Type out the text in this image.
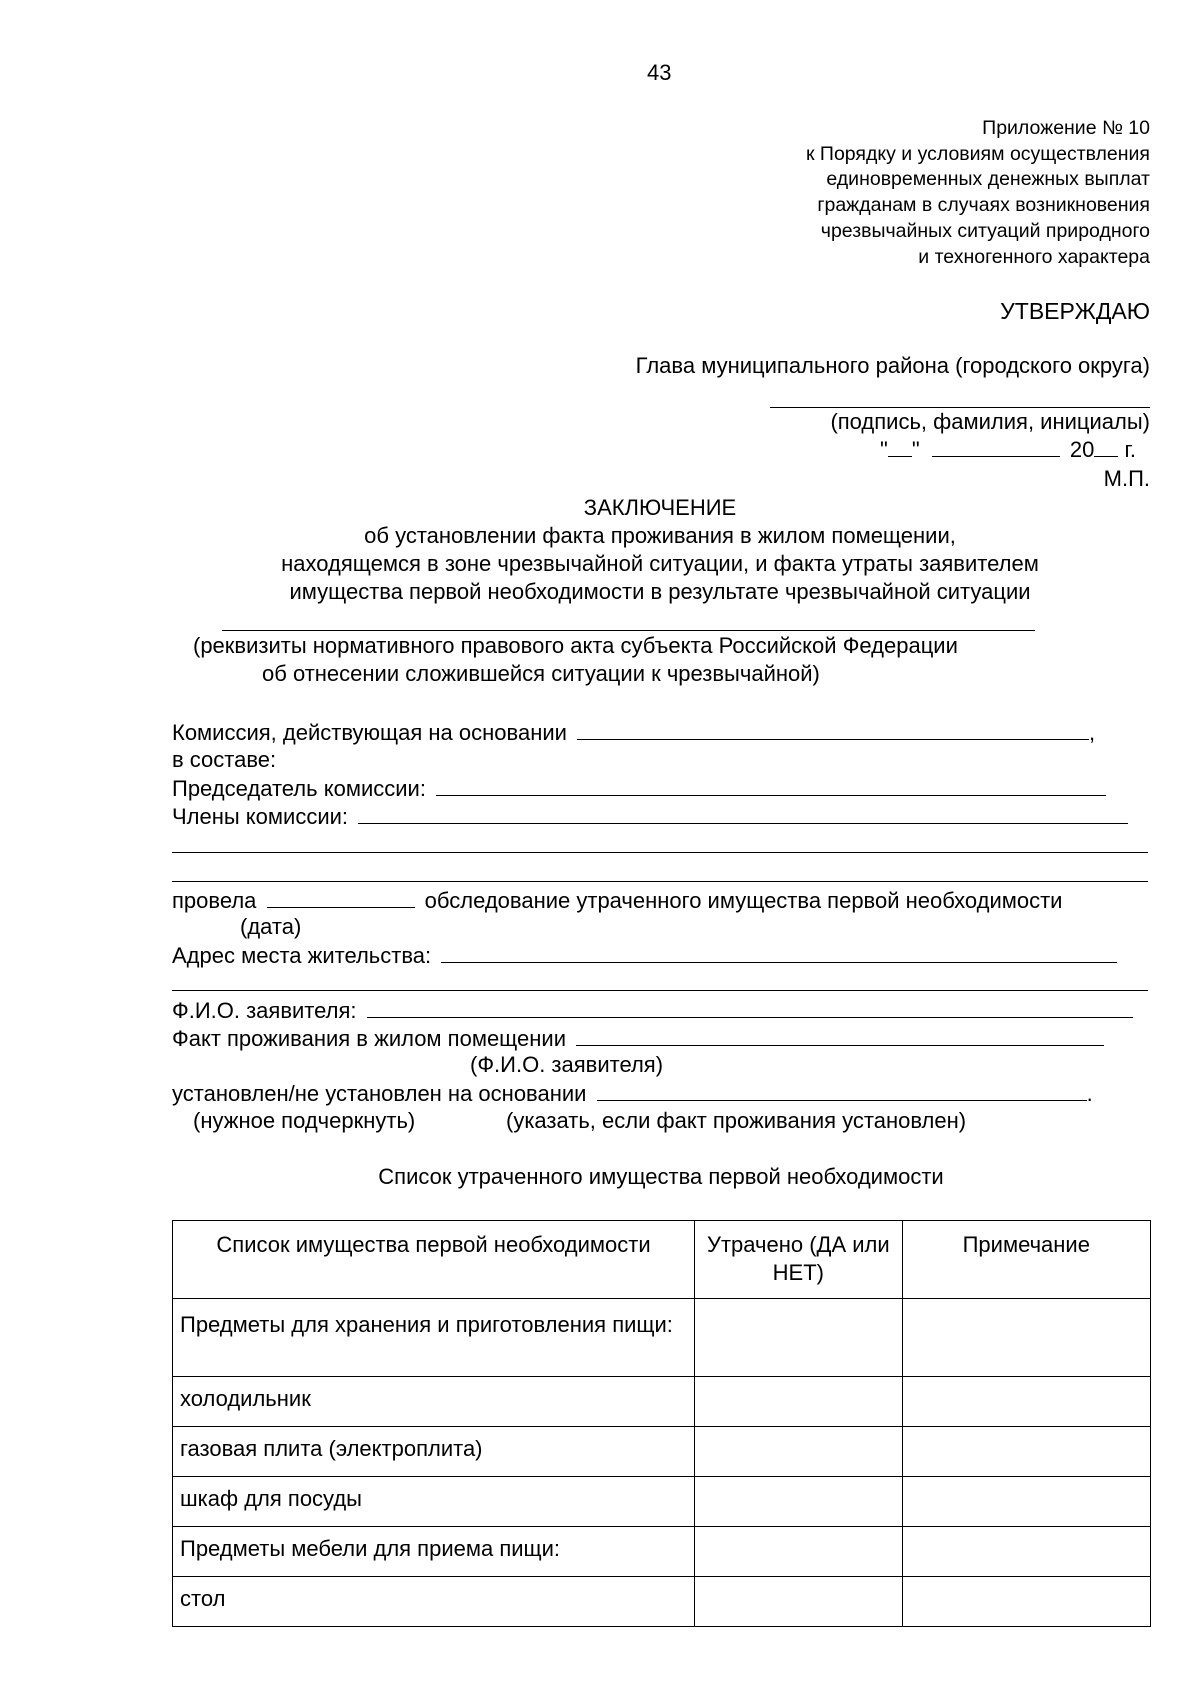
43
Приложение № 10
к Порядку и условиям осуществления
единовременных денежных выплат
гражданам в случаях возникновения
чрезвычайных ситуаций природного
и техногенного характера
УТВЕРЖДАЮ
Глава муниципального района (городского округа)
(подпись, фамилия, инициалы)
" "	20 г.
М.П.
ЗАКЛЮЧЕНИЕ
об установлении факта проживания в жилом помещении,
находящемся в зоне чрезвычайной ситуации, и факта утраты заявителем
имущества первой необходимости в результате чрезвычайной ситуации
(реквизиты нормативного правового акта субъекта Российской Федерации
об отнесении сложившейся ситуации к чрезвычайной)
Комиссия, действующая на основании	,
в составе:
Председатель комиссии:
Члены комиссии:
провела	обследование утраченного имущества первой необходимости
(дата)
Адрес места жительства:
Ф.И.О. заявителя:
Факт проживания в жилом помещении
(Ф.И.О. заявителя)
установлен/не установлен на основании	.
(нужное подчеркнуть)	(указать, если факт проживания установлен)
Список утраченного имущества первой необходимости
Список имущества первой необходимости	Утрачено (ДА или НЕТ)	Примечание
Предметы для хранения и приготовления пищи:		
холодильник		
газовая плита (электроплита)		
шкаф для посуды		
Предметы мебели для приема пищи:		
стол		
